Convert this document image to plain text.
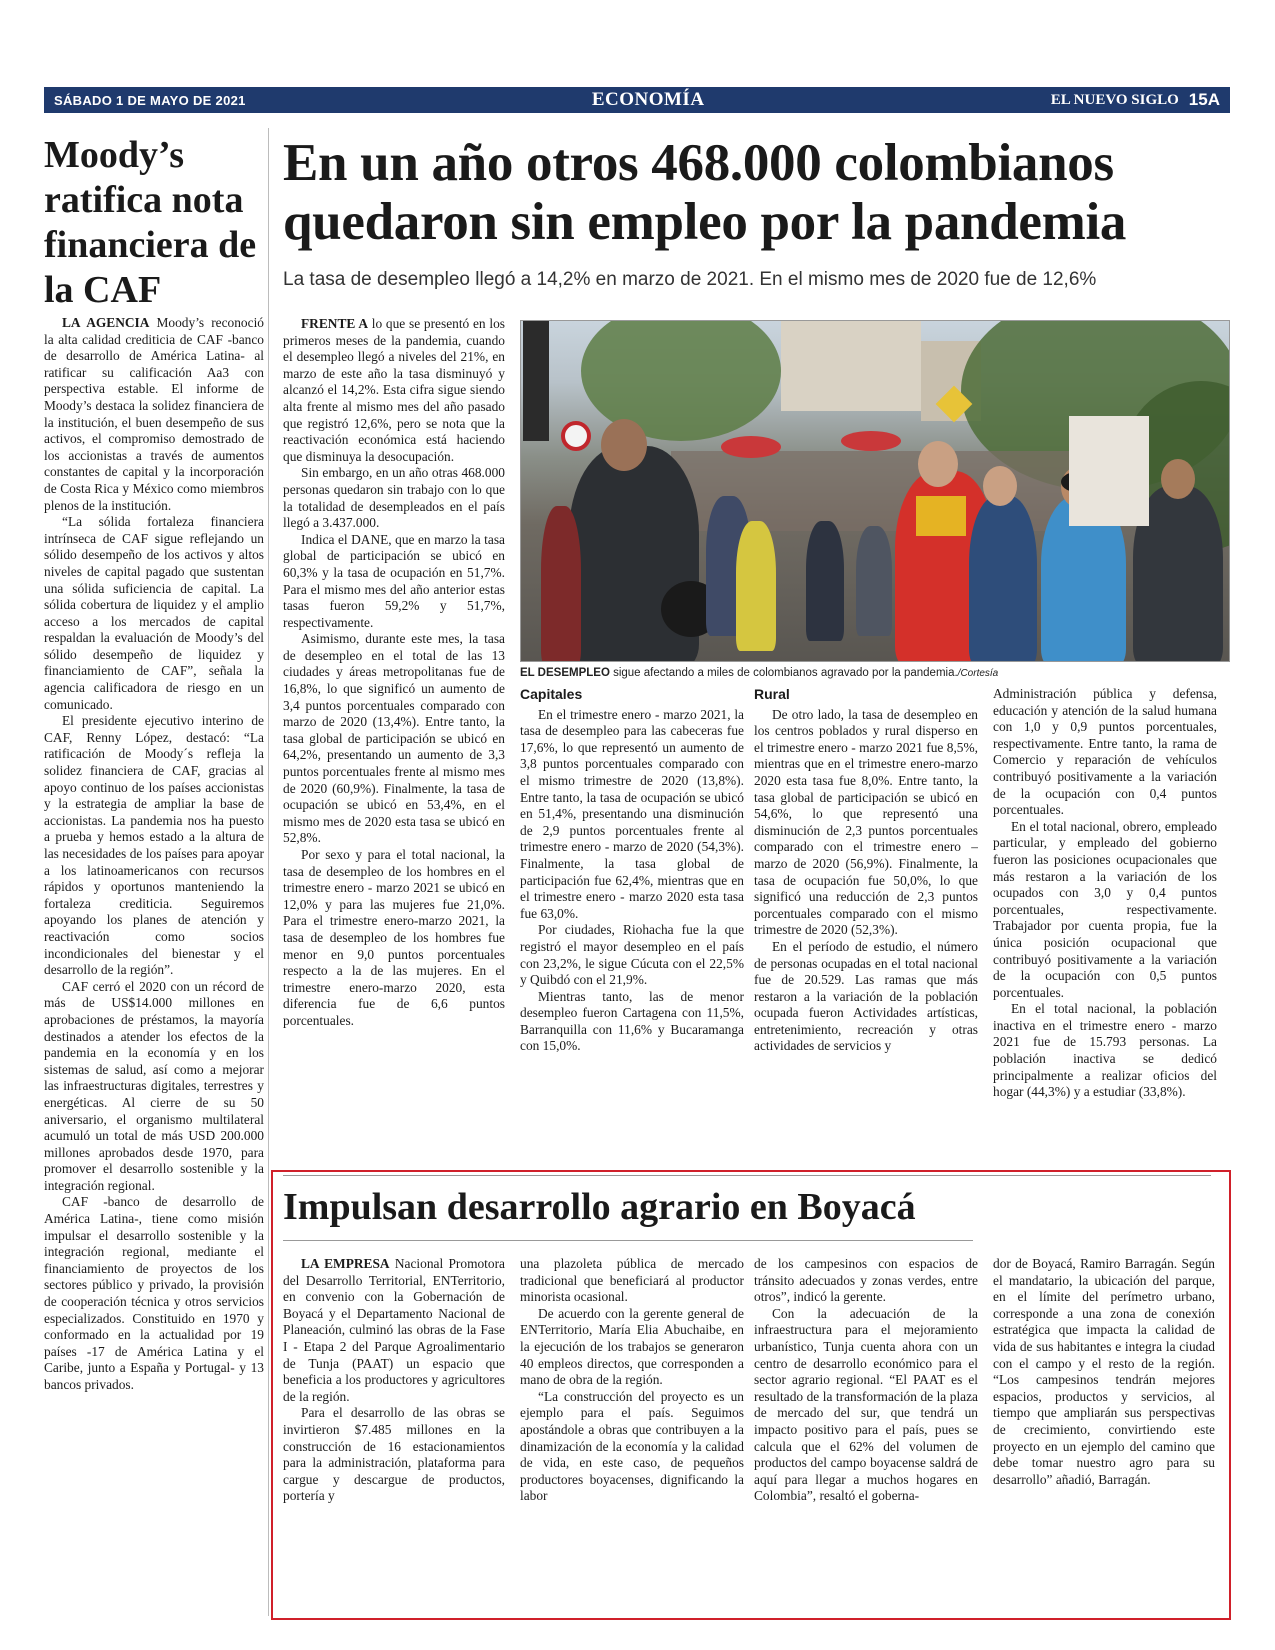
SÁBADO 1 DE MAYO DE 2021	ECONOMÍA	EL NUEVO SIGLO 15A
Moody’s ratifica nota financiera de la CAF

LA AGENCIA Moody’s reconoció la alta calidad crediticia de CAF -banco de desarrollo de América Latina- al ratificar su calificación Aa3 con perspectiva estable. El informe de Moody’s destaca la solidez financiera de la institución, el buen desempeño de sus activos, el compromiso demostrado de los accionistas a través de aumentos constantes de capital y la incorporación de Costa Rica y México como miembros plenos de la institución.

“La sólida fortaleza financiera intrínseca de CAF sigue reflejando un sólido desempeño de los activos y altos niveles de capital pagado que sustentan una sólida suficiencia de capital. La sólida cobertura de liquidez y el amplio acceso a los mercados de capital respaldan la evaluación de Moody’s del sólido desempeño de liquidez y financiamiento de CAF”, señala la agencia calificadora de riesgo en un comunicado.

El presidente ejecutivo interino de CAF, Renny López, destacó: “La ratificación de Moody´s refleja la solidez financiera de CAF, gracias al apoyo continuo de los países accionistas y la estrategia de ampliar la base de accionistas. La pandemia nos ha puesto a prueba y hemos estado a la altura de las necesidades de los países para apoyar a los latinoamericanos con recursos rápidos y oportunos manteniendo la fortaleza crediticia. Seguiremos apoyando los planes de atención y reactivación como socios incondicionales del bienestar y el desarrollo de la región”.

CAF cerró el 2020 con un récord de más de US$14.000 millones en aprobaciones de préstamos, la mayoría destinados a atender los efectos de la pandemia en la economía y en los sistemas de salud, así como a mejorar las infraestructuras digitales, terrestres y energéticas. Al cierre de su 50 aniversario, el organismo multilateral acumuló un total de más USD 200.000 millones aprobados desde 1970, para promover el desarrollo sostenible y la integración regional.

CAF -banco de desarrollo de América Latina-, tiene como misión impulsar el desarrollo sostenible y la integración regional, mediante el financiamiento de proyectos de los sectores público y privado, la provisión de cooperación técnica y otros servicios especializados. Constituido en 1970 y conformado en la actualidad por 19 países -17 de América Latina y el Caribe, junto a España y Portugal- y 13 bancos privados.

En un año otros 468.000 colombianos quedaron sin empleo por la pandemia
La tasa de desempleo llegó a 14,2% en marzo de 2021. En el mismo mes de 2020 fue de 12,6%

FRENTE A lo que se presentó en los primeros meses de la pandemia, cuando el desempleo llegó a niveles del 21%, en marzo de este año la tasa disminuyó y alcanzó el 14,2%. Esta cifra sigue siendo alta frente al mismo mes del año pasado que registró 12,6%, pero se nota que la reactivación económica está haciendo que disminuya la desocupación.

Sin embargo, en un año otras 468.000 personas quedaron sin trabajo con lo que la totalidad de desempleados en el país llegó a 3.437.000.

Indica el DANE, que en marzo la tasa global de participación se ubicó en 60,3% y la tasa de ocupación en 51,7%. Para el mismo mes del año anterior estas tasas fueron 59,2% y 51,7%, respectivamente.

Asimismo, durante este mes, la tasa de desempleo en el total de las 13 ciudades y áreas metropolitanas fue de 16,8%, lo que significó un aumento de 3,4 puntos porcentuales comparado con marzo de 2020 (13,4%). Entre tanto, la tasa global de participación se ubicó en 64,2%, presentando un aumento de 3,3 puntos porcentuales frente al mismo mes de 2020 (60,9%). Finalmente, la tasa de ocupación se ubicó en 53,4%, en el mismo mes de 2020 esta tasa se ubicó en 52,8%.

Por sexo y para el total nacional, la tasa de desempleo de los hombres en el trimestre enero - marzo 2021 se ubicó en 12,0% y para las mujeres fue 21,0%. Para el trimestre enero-marzo 2021, la tasa de desempleo de los hombres fue menor en 9,0 puntos porcentuales respecto a la de las mujeres. En el trimestre enero-marzo 2020, esta diferencia fue de 6,6 puntos porcentuales.

EL DESEMPLEO sigue afectando a miles de colombianos agravado por la pandemia./Cortesía

Capitales

En el trimestre enero - marzo 2021, la tasa de desempleo para las cabeceras fue 17,6%, lo que representó un aumento de 3,8 puntos porcentuales comparado con el mismo trimestre de 2020 (13,8%). Entre tanto, la tasa de ocupación se ubicó en 51,4%, presentando una disminución de 2,9 puntos porcentuales frente al trimestre enero - marzo de 2020 (54,3%). Finalmente, la tasa global de participación fue 62,4%, mientras que en el trimestre enero - marzo 2020 esta tasa fue 63,0%.

Por ciudades, Riohacha fue la que registró el mayor desempleo en el país con 23,2%, le sigue Cúcuta con el 22,5% y Quibdó con el 21,9%.

Mientras tanto, las de menor desempleo fueron Cartagena con 11,5%, Barranquilla con 11,6% y Bucaramanga con 15,0%.

Rural

De otro lado, la tasa de desempleo en los centros poblados y rural disperso en el trimestre enero - marzo 2021 fue 8,5%, mientras que en el trimestre enero-marzo 2020 esta tasa fue 8,0%. Entre tanto, la tasa global de participación se ubicó en 54,6%, lo que representó una disminución de 2,3 puntos porcentuales comparado con el trimestre enero – marzo de 2020 (56,9%). Finalmente, la tasa de ocupación fue 50,0%, lo que significó una reducción de 2,3 puntos porcentuales comparado con el mismo trimestre de 2020 (52,3%).

En el período de estudio, el número de personas ocupadas en el total nacional fue de 20.529. Las ramas que más restaron a la variación de la población ocupada fueron Actividades artísticas, entretenimiento, recreación y otras actividades de servicios y

Administración pública y defensa, educación y atención de la salud humana con 1,0 y 0,9 puntos porcentuales, respectivamente. Entre tanto, la rama de Comercio y reparación de vehículos contribuyó positivamente a la variación de la ocupación con 0,4 puntos porcentuales.

En el total nacional, obrero, empleado particular, y empleado del gobierno fueron las posiciones ocupacionales que más restaron a la variación de los ocupados con 3,0 y 0,4 puntos porcentuales, respectivamente. Trabajador por cuenta propia, fue la única posición ocupacional que contribuyó positivamente a la variación de la ocupación con 0,5 puntos porcentuales.

En el total nacional, la población inactiva en el trimestre enero - marzo 2021 fue de 15.793 personas. La población inactiva se dedicó principalmente a realizar oficios del hogar (44,3%) y a estudiar (33,8%).

Impulsan desarrollo agrario en Boyacá

LA EMPRESA Nacional Promotora del Desarrollo Territorial, ENTerritorio, en convenio con la Gobernación de Boyacá y el Departamento Nacional de Planeación, culminó las obras de la Fase I - Etapa 2 del Parque Agroalimentario de Tunja (PAAT) un espacio que beneficia a los productores y agricultores de la región.

Para el desarrollo de las obras se invirtieron $7.485 millones en la construcción de 16 estacionamientos para la administración, plataforma para cargue y descargue de productos, portería y

una plazoleta pública de mercado tradicional que beneficiará al productor minorista ocasional.

De acuerdo con la gerente general de ENTerritorio, María Elia Abuchaibe, en la ejecución de los trabajos se generaron 40 empleos directos, que corresponden a mano de obra de la región.

“La construcción del proyecto es un ejemplo para el país. Seguimos apostándole a obras que contribuyen a la dinamización de la economía y la calidad de vida, en este caso, de pequeños productores boyacenses, dignificando la labor

de los campesinos con espacios de tránsito adecuados y zonas verdes, entre otros”, indicó la gerente.

Con la adecuación de la infraestructura para el mejoramiento urbanístico, Tunja cuenta ahora con un centro de desarrollo económico para el sector agrario regional. “El PAAT es el resultado de la transformación de la plaza de mercado del sur, que tendrá un impacto positivo para el país, pues se calcula que el 62% del volumen de productos del campo boyacense saldrá de aquí para llegar a muchos hogares en Colombia”, resaltó el goberna-

dor de Boyacá, Ramiro Barragán. Según el mandatario, la ubicación del parque, en el límite del perímetro urbano, corresponde a una zona de conexión estratégica que impacta la calidad de vida de sus habitantes e integra la ciudad con el campo y el resto de la región. “Los campesinos tendrán mejores espacios, productos y servicios, al tiempo que ampliarán sus perspectivas de crecimiento, convirtiendo este proyecto en un ejemplo del camino que debe tomar nuestro agro para su desarrollo” añadió, Barragán.
